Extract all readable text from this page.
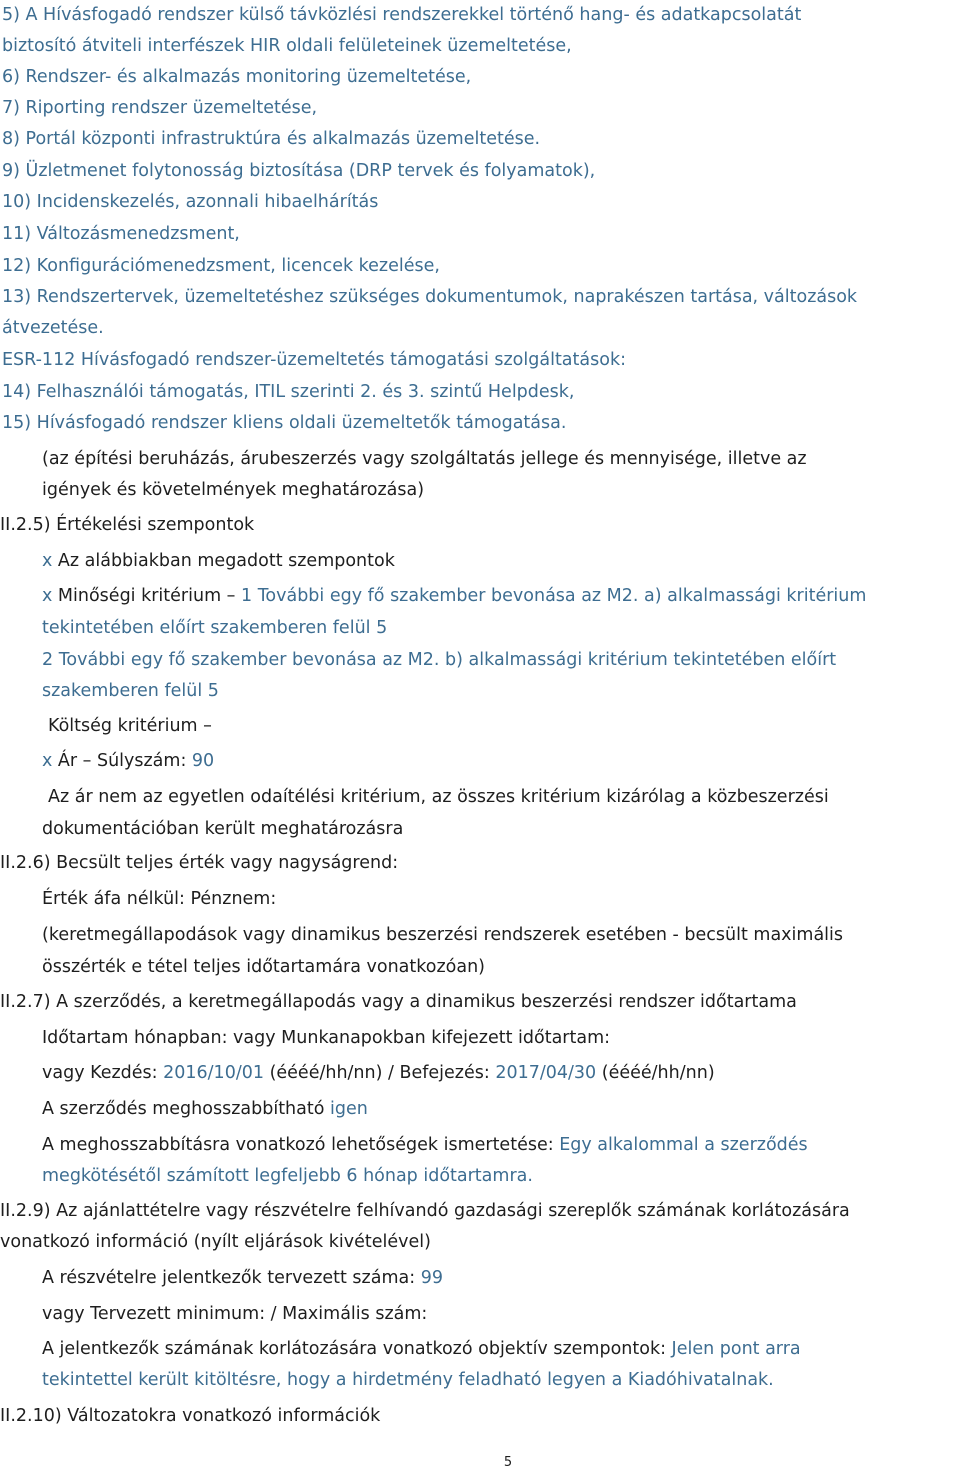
5) A Hívásfogadó rendszer külső távközlési rendszerekkel történő hang- és adatkapcsolatát
biztosító átviteli interfészek HIR oldali felületeinek üzemeltetése,
6) Rendszer- és alkalmazás monitoring üzemeltetése,
7) Riporting rendszer üzemeltetése,
8) Portál központi infrastruktúra és alkalmazás üzemeltetése.
9) Üzletmenet folytonosság biztosítása (DRP tervek és folyamatok),
10) Incidenskezelés, azonnali hibaelhárítás
11) Változásmenedzsment,
12) Konfigurációmenedzsment, licencek kezelése,
13) Rendszertervek, üzemeltetéshez szükséges dokumentumok, naprakészen tartása, változások
átvezetése.
ESR-112 Hívásfogadó rendszer-üzemeltetés támogatási szolgáltatások:
14) Felhasználói támogatás, ITIL szerinti 2. és 3. szintű Helpdesk,
15) Hívásfogadó rendszer kliens oldali üzemeltetők támogatása.
(az építési beruházás, árubeszerzés vagy szolgáltatás jellege és mennyisége, illetve az
igények és követelmények meghatározása)
II.2.5) Értékelési szempontok
x Az alábbiakban megadott szempontok
x Minőségi kritérium – 1 További egy fő szakember bevonása az M2. a) alkalmassági kritérium
tekintetében előírt szakemberen felül 5
2 További egy fő szakember bevonása az M2. b) alkalmassági kritérium tekintetében előírt
szakemberen felül 5
Költség kritérium –
x Ár – Súlyszám: 90
Az ár nem az egyetlen odaítélési kritérium, az összes kritérium kizárólag a közbeszerzési
dokumentációban került meghatározásra
II.2.6) Becsült teljes érték vagy nagyságrend:
Érték áfa nélkül: Pénznem:
(keretmegállapodások vagy dinamikus beszerzési rendszerek esetében - becsült maximális
összérték e tétel teljes időtartamára vonatkozóan)
II.2.7) A szerződés, a keretmegállapodás vagy a dinamikus beszerzési rendszer időtartama
Időtartam hónapban: vagy Munkanapokban kifejezett időtartam:
vagy Kezdés: 2016/10/01 (éééé/hh/nn) / Befejezés: 2017/04/30 (éééé/hh/nn)
A szerződés meghosszabbítható igen
A meghosszabbításra vonatkozó lehetőségek ismertetése: Egy alkalommal a szerződés
megkötésétől számított legfeljebb 6 hónap időtartamra.
II.2.9) Az ajánlattételre vagy részvételre felhívandó gazdasági szereplők számának korlátozására
vonatkozó információ (nyílt eljárások kivételével)
A részvételre jelentkezők tervezett száma: 99
vagy Tervezett minimum: / Maximális szám:
A jelentkezők számának korlátozására vonatkozó objektív szempontok: Jelen pont arra
tekintettel került kitöltésre, hogy a hirdetmény feladható legyen a Kiadóhivatalnak.
II.2.10) Változatokra vonatkozó információk
5
